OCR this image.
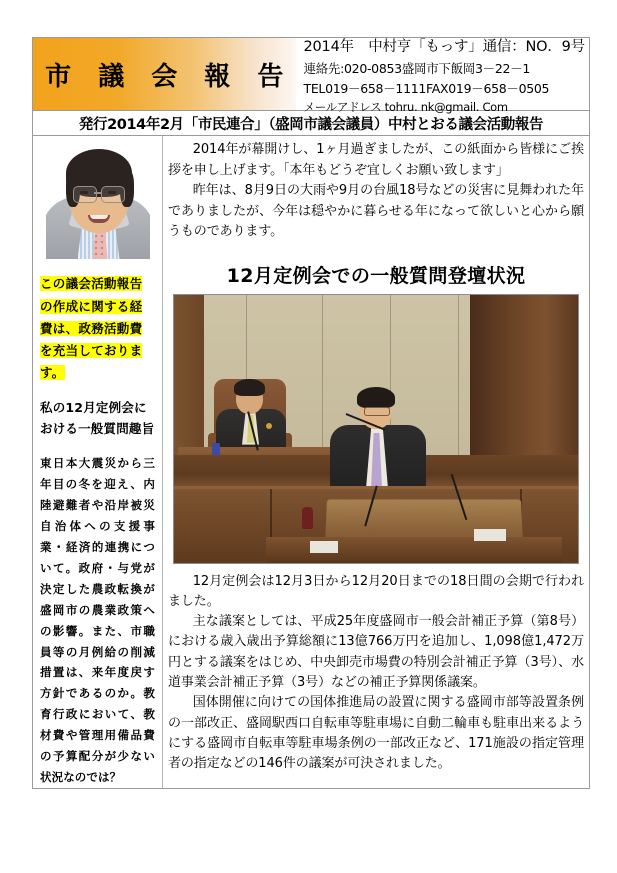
市 議 会 報 告
2014年　中村亨「もっす」通信：NO．9号
連絡先:020-0853盛岡市下飯岡3－22－1
TEL019－658－1111FAX019－658－0505
メールアドレス tohru. nk@gmail. Com
発行2014年2月「市民連合」（盛岡市議会議員）中村とおる議会活動報告
この議会活動報告の作成に関する経費は、政務活動費を充当しております。
私の12月定例会における一般質問趣旨
東日本大震災から三年目の冬を迎え、内陸避難者や沿岸被災自治体への支援事業・経済的連携について。政府・与党が決定した農政転換が盛岡市の農業政策への影響。また、市職員等の月例給の削減措置は、来年度戻す方針であるのか。教育行政において、教材費や管理用備品費の予算配分が少ない状況なのでは？

2014年が幕開けし、1ヶ月過ぎましたが、この紙面から皆様にご挨拶を申し上げます。「本年もどうぞ宜しくお願い致します」

昨年は、8月9日の大雨や9月の台風18号などの災害に見舞われた年でありましたが、今年は穏やかに暮らせる年になって欲しいと心から願うものであります。

12月定例会での一般質問登壇状況

12月定例会は12月3日から12月20日までの18日間の会期で行われました。

主な議案としては、平成25年度盛岡市一般会計補正予算（第8号）における歳入歳出予算総額に13億766万円を追加し、1,098億1,472万円とする議案をはじめ、中央卸売市場費の特別会計補正予算（3号）、水道事業会計補正予算（3号）などの補正予算関係議案。

国体開催に向けての国体推進局の設置に関する盛岡市部等設置条例の一部改正、盛岡駅西口自転車等駐車場に自動二輪車も駐車出来るようにする盛岡市自転車等駐車場条例の一部改正など、171施設の指定管理者の指定などの146件の議案が可決されました。
